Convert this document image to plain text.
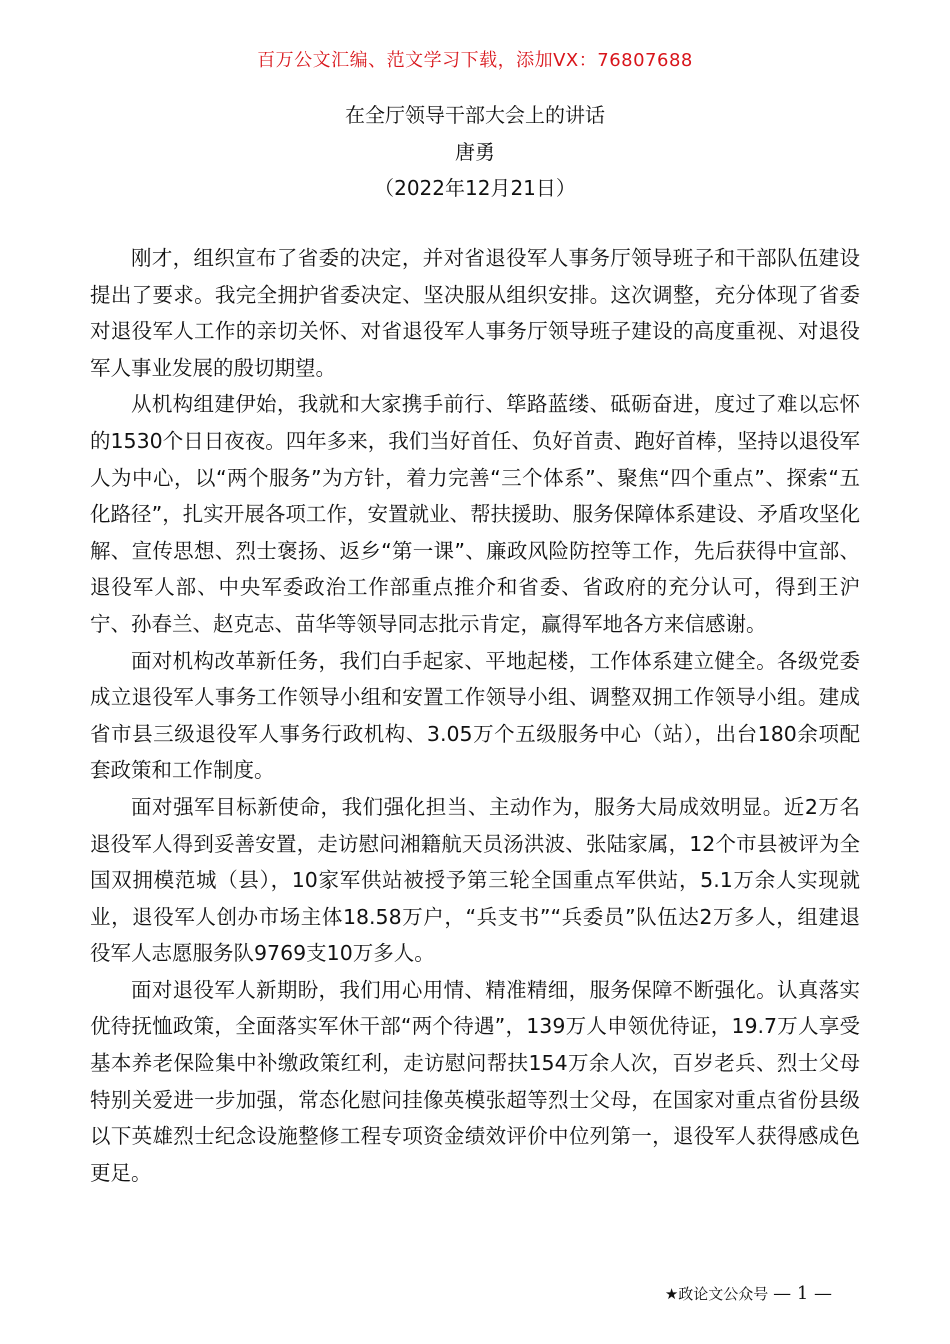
百万公文汇编、范文学习下载，添加VX：76807688
在全厅领导干部大会上的讲话
唐勇
（2022年12月21日）

刚才，组织宣布了省委的决定，并对省退役军人事务厅领导班子和干部队伍建设提出了要求。我完全拥护省委决定、坚决服从组织安排。这次调整，充分体现了省委对退役军人工作的亲切关怀、对省退役军人事务厅领导班子建设的高度重视、对退役军人事业发展的殷切期望。

从机构组建伊始，我就和大家携手前行、筚路蓝缕、砥砺奋进，度过了难以忘怀的1530个日日夜夜。四年多来，我们当好首任、负好首责、跑好首棒，坚持以退役军人为中心，以“两个服务”为方针，着力完善“三个体系”、聚焦“四个重点”、探索“五化路径”，扎实开展各项工作，安置就业、帮扶援助、服务保障体系建设、矛盾攻坚化解、宣传思想、烈士褒扬、返乡“第一课”、廉政风险防控等工作，先后获得中宣部、退役军人部、中央军委政治工作部重点推介和省委、省政府的充分认可，得到王沪宁、孙春兰、赵克志、苗华等领导同志批示肯定，赢得军地各方来信感谢。

面对机构改革新任务，我们白手起家、平地起楼，工作体系建立健全。各级党委成立退役军人事务工作领导小组和安置工作领导小组、调整双拥工作领导小组。建成省市县三级退役军人事务行政机构、3.05万个五级服务中心（站），出台180余项配套政策和工作制度。

面对强军目标新使命，我们强化担当、主动作为，服务大局成效明显。近2万名退役军人得到妥善安置，走访慰问湘籍航天员汤洪波、张陆家属，12个市县被评为全国双拥模范城（县），10家军供站被授予第三轮全国重点军供站，5.1万余人实现就业，退役军人创办市场主体18.58万户，“兵支书”“兵委员”队伍达2万多人，组建退役军人志愿服务队9769支10万多人。

面对退役军人新期盼，我们用心用情、精准精细，服务保障不断强化。认真落实优待抚恤政策，全面落实军休干部“两个待遇”，139万人申领优待证，19.7万人享受基本养老保险集中补缴政策红利，走访慰问帮扶154万余人次，百岁老兵、烈士父母特别关爱进一步加强，常态化慰问挂像英模张超等烈士父母，在国家对重点省份县级以下英雄烈士纪念设施整修工程专项资金绩效评价中位列第一，退役军人获得感成色更足。

★政论文公众号 — 1 —
